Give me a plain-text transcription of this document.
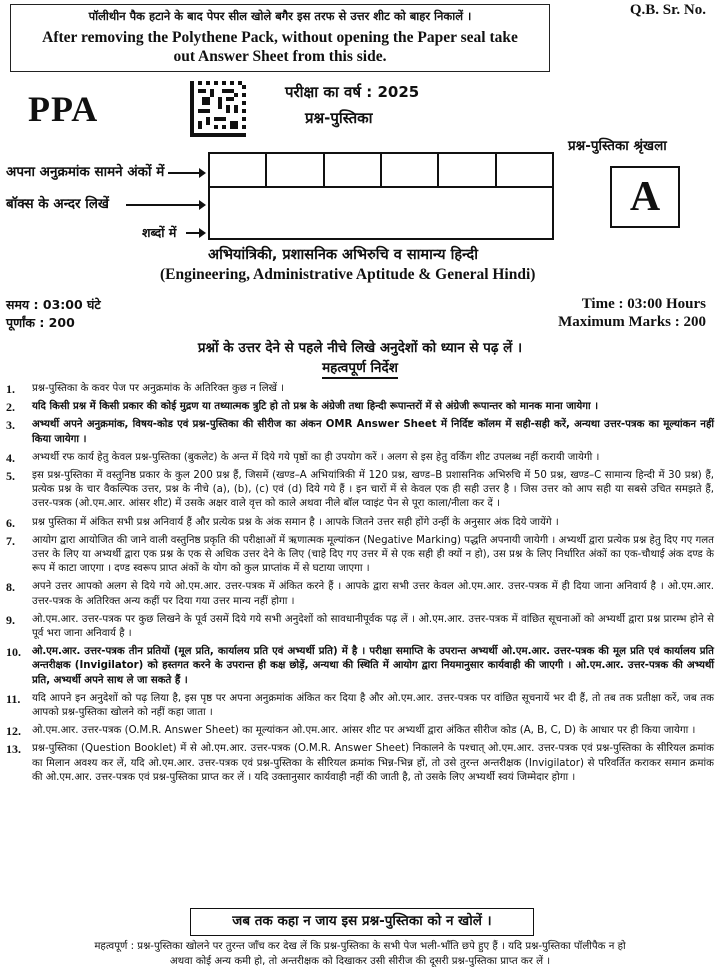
पॉलीथीन पैक हटाने के बाद पेपर सील खोले बगैर इस तरफ से उत्तर शीट को बाहर निकालें ।
After removing the Polythene Pack, without opening the Paper seal take
out Answer Sheet from this side.
Q.B. Sr. No.
PPA	परीक्षा का वर्ष : 2025
प्रश्न-पुस्तिका
प्रश्न-पुस्तिका श्रृंखला
A
अपना अनुक्रमांक सामने अंकों में
बॉक्स के अन्दर लिखें
शब्दों में
अभियांत्रिकी, प्रशासनिक अभिरुचि व सामान्य हिन्दी
(Engineering, Administrative Aptitude & General Hindi)
समय : 03:00 घंटे
पूर्णांक : 200
Time : 03:00 Hours
Maximum Marks : 200
प्रश्नों के उत्तर देने से पहले नीचे लिखे अनुदेशों को ध्यान से पढ़ लें ।
महत्वपूर्ण निर्देश
1.	प्रश्न-पुस्तिका के कवर पेज पर अनुक्रमांक के अतिरिक्त कुछ न लिखें ।
2.	यदि किसी प्रश्न में किसी प्रकार की कोई मुद्रण या तथ्यात्मक त्रुटि हो तो प्रश्न के अंग्रेजी तथा हिन्दी रूपान्तरों में से अंग्रेजी रूपान्तर को मानक माना जायेगा ।
3.	अभ्यर्थी अपने अनुक्रमांक, विषय-कोड एवं प्रश्न-पुस्तिका की सीरीज का अंकन OMR Answer Sheet में निर्दिष्ट कॉलम में सही-सही करें, अन्यथा उत्तर-पत्रक का मूल्यांकन नहीं किया जायेगा ।
4.	अभ्यर्थी रफ कार्य हेतु केवल प्रश्न-पुस्तिका (बुकलेट) के अन्त में दिये गये पृष्ठों का ही उपयोग करें । अलग से इस हेतु वर्किंग शीट उपलब्ध नहीं करायी जायेगी ।
5.	इस प्रश्न-पुस्तिका में वस्तुनिष्ठ प्रकार के कुल 200 प्रश्न हैं, जिसमें (खण्ड–A अभियांत्रिकी में 120 प्रश्न, खण्ड–B प्रशासनिक अभिरुचि में 50 प्रश्न, खण्ड–C सामान्य हिन्दी में 30 प्रश्न) हैं, प्रत्येक प्रश्न के चार वैकल्पिक उत्तर, प्रश्न के नीचे (a), (b), (c) एवं (d) दिये गये हैं । इन चारों में से केवल एक ही सही उत्तर है । जिस उत्तर को आप सही या सबसे उचित समझते हैं, उत्तर-पत्रक (ओ.एम.आर. आंसर शीट) में उसके अक्षर वाले वृत्त को काले अथवा नीले बॉल प्वाइंट पेन से पूरा काला/नीला कर दें ।
6.	प्रश्न पुस्तिका में अंकित सभी प्रश्न अनिवार्य हैं और प्रत्येक प्रश्न के अंक समान है । आपके जितने उत्तर सही होंगे उन्हीं के अनुसार अंक दिये जायेंगे ।
7.	आयोग द्वारा आयोजित की जाने वाली वस्तुनिष्ठ प्रकृति की परीक्षाओं में ऋणात्मक मूल्यांकन (Negative Marking) पद्धति अपनायी जायेगी । अभ्यर्थी द्वारा प्रत्येक प्रश्न हेतु दिए गए गलत उत्तर के लिए या अभ्यर्थी द्वारा एक प्रश्न के एक से अधिक उत्तर देने के लिए (चाहे दिए गए उत्तर में से एक सही ही क्यों न हो), उस प्रश्न के लिए निर्धारित अंकों का एक-चौथाई अंक दण्ड के रूप में काटा जाएगा । दण्ड स्वरूप प्राप्त अंकों के योग को कुल प्राप्तांक में से घटाया जाएगा ।
8.	अपने उत्तर आपको अलग से दिये गये ओ.एम.आर. उत्तर-पत्रक में अंकित करने हैं । आपके द्वारा सभी उत्तर केवल ओ.एम.आर. उत्तर-पत्रक में ही दिया जाना अनिवार्य है । ओ.एम.आर. उत्तर-पत्रक के अतिरिक्त अन्य कहीं पर दिया गया उत्तर मान्य नहीं होगा ।
9.	ओ.एम.आर. उत्तर-पत्रक पर कुछ लिखने के पूर्व उसमें दिये गये सभी अनुदेशों को सावधानीपूर्वक पढ़ लें । ओ.एम.आर. उत्तर-पत्रक में वांछित सूचनाओं को अभ्यर्थी द्वारा प्रश्न प्रारम्भ होने से पूर्व भरा जाना अनिवार्य है ।
10.	ओ.एम.आर. उत्तर-पत्रक तीन प्रतियों (मूल प्रति, कार्यालय प्रति एवं अभ्यर्थी प्रति) में है । परीक्षा समाप्ति के उपरान्त अभ्यर्थी ओ.एम.आर. उत्तर-पत्रक की मूल प्रति एवं कार्यालय प्रति अन्तरीक्षक (Invigilator) को हस्तगत करने के उपरान्त ही कक्ष छोड़ें, अन्यथा की स्थिति में आयोग द्वारा नियमानुसार कार्यवाही की जाएगी । ओ.एम.आर. उत्तर-पत्रक की अभ्यर्थी प्रति, अभ्यर्थी अपने साथ ले जा सकते हैं ।
11.	यदि आपने इन अनुदेशों को पढ़ लिया है, इस पृष्ठ पर अपना अनुक्रमांक अंकित कर दिया है और ओ.एम.आर. उत्तर-पत्रक पर वांछित सूचनायें भर दी हैं, तो तब तक प्रतीक्षा करें, जब तक आपको प्रश्न-पुस्तिका खोलने को नहीं कहा जाता ।
12.	ओ.एम.आर. उत्तर-पत्रक (O.M.R. Answer Sheet) का मूल्यांकन ओ.एम.आर. आंसर शीट पर अभ्यर्थी द्वारा अंकित सीरीज कोड (A, B, C, D) के आधार पर ही किया जायेगा ।
13.	प्रश्न-पुस्तिका (Question Booklet) में से ओ.एम.आर. उत्तर-पत्रक (O.M.R. Answer Sheet) निकालने के पश्चात् ओ.एम.आर. उत्तर-पत्रक एवं प्रश्न-पुस्तिका के सीरियल क्रमांक का मिलान अवश्य कर लें, यदि ओ.एम.आर. उत्तर-पत्रक एवं प्रश्न-पुस्तिका के सीरियल क्रमांक भिन्न-भिन्न हों, तो उसे तुरन्त अन्तरीक्षक (Invigilator) से परिवर्तित कराकर समान क्रमांक की ओ.एम.आर. उत्तर-पत्रक एवं प्रश्न-पुस्तिका प्राप्त कर लें । यदि उक्तानुसार कार्यवाही नहीं की जाती है, तो उसके लिए अभ्यर्थी स्वयं जिम्मेदार होगा ।
जब तक कहा न जाय इस प्रश्न-पुस्तिका को न खोलें ।
महत्वपूर्ण : प्रश्न-पुस्तिका खोलने पर तुरन्त जाँच कर देख लें कि प्रश्न-पुस्तिका के सभी पेज भली-भाँति छपे हुए हैं । यदि प्रश्न-पुस्तिका पॉलीपैक न हो
अथवा कोई अन्य कमी हो, तो अन्तरीक्षक को दिखाकर उसी सीरीज की दूसरी प्रश्न-पुस्तिका प्राप्त कर लें ।
